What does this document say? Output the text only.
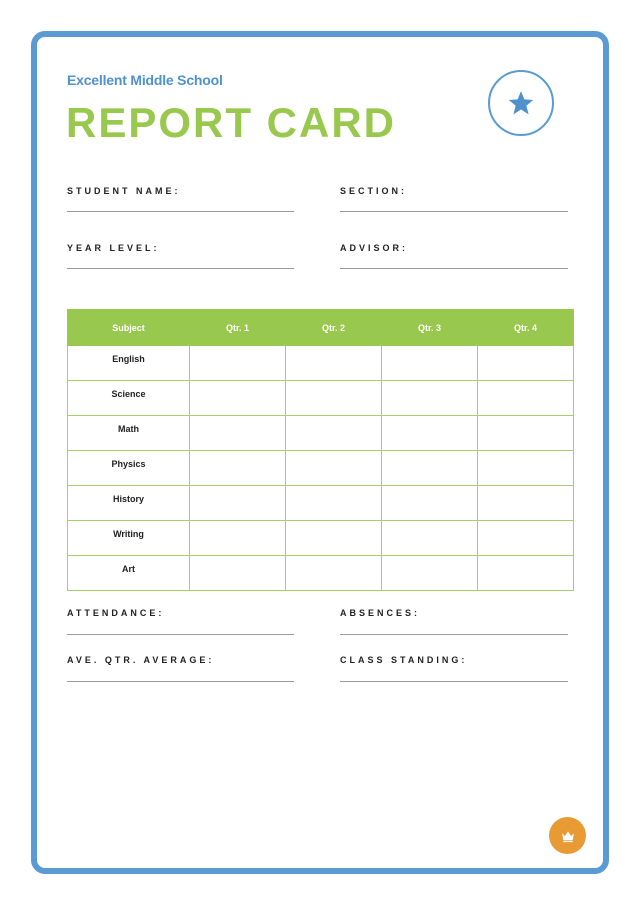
Excellent Middle School
REPORT CARD
STUDENT NAME:	SECTION:
YEAR LEVEL:	ADVISOR:
Subject	Qtr. 1	Qtr. 2	Qtr. 3	Qtr. 4
English				
Science				
Math				
Physics				
History				
Writing				
Art				
ATTENDANCE:	ABSENCES:
AVE. QTR. AVERAGE:	CLASS STANDING:
